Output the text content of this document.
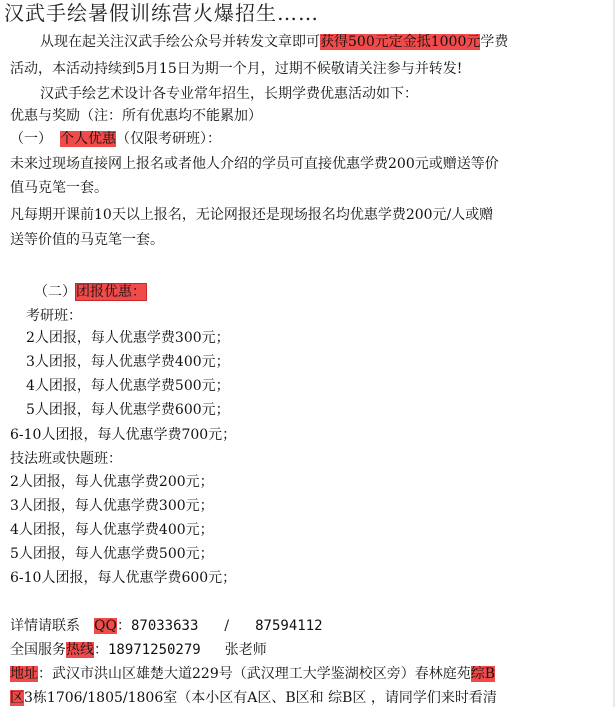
汉武手绘暑假训练营火爆招生……
从现在起关注汉武手绘公众号并转发文章即可获得500元定金抵1000元学费
活动，本活动持续到5月15日为期一个月，过期不候敬请关注参与并转发!
汉武手绘艺术设计各专业常年招生，长期学费优惠活动如下：
优惠与奖励（注：所有优惠均不能累加）
（一） 个人优惠（仅限考研班）：
未来过现场直接网上报名或者他人介绍的学员可直接优惠学费200元或赠送等价
值马克笔一套。
凡每期开课前10天以上报名，无论网报还是现场报名均优惠学费200元/人或赠
送等价值的马克笔一套。
（二）团报优惠：
考研班：
2人团报，每人优惠学费300元；
3人团报，每人优惠学费400元；
4人团报，每人优惠学费500元；
5人团报，每人优惠学费600元；
6-10人团报，每人优惠学费700元；
技法班或快题班：
2人团报，每人优惠学费200元；
3人团报，每人优惠学费300元；
4人团报，每人优惠学费400元；
5人团报，每人优惠学费500元；
6-10人团报，每人优惠学费600元；
详情请联系 QQ：87033633 / 87594112
全国服务热线：18971250279 张老师
地址：武汉市洪山区雄楚大道229号（武汉理工大学鉴湖校区旁）春林庭苑综B
区3栋1706/1805/1806室（本小区有A区、B区和 综B区 ，请同学们来时看清
